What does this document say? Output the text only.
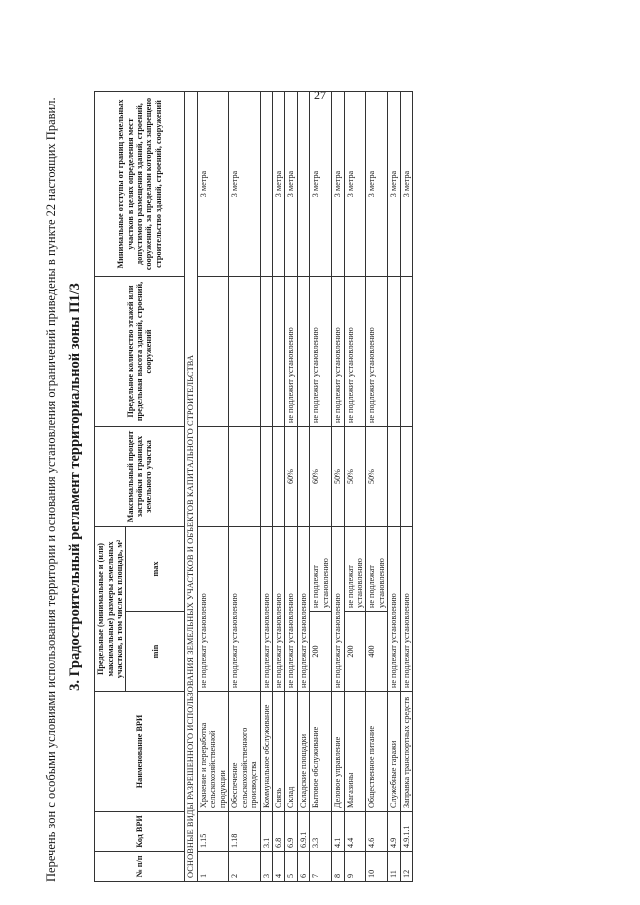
27

Перечень зон с особыми условиями использования территории и основания установления ограничений приведены в пункте 22 настоящих Правил. 3. Градостроительный регламент территориальной зоны П1/3
№ п/п	Код ВРИ	Наименование ВРИ	Предельные (минимальные и (или) максимальные) размеры земельных участков, в том числе их площадь, м²		Максимальный процент застройки в границах земельного участка	Предельное количество этажей или предельная высота зданий, строений, сооружений	Минимальные отступы от границ земельных участков в целях определения мест допустимого размещения зданий, строений, сооружений, за пределами которых запрещено строительство зданий, строений, сооружений
			min	max			
ОСНОВНЫЕ ВИДЫ РАЗРЕШЕННОГО ИСПОЛЬЗОВАНИЯ ЗЕМЕЛЬНЫХ УЧАСТКОВ И ОБЪЕКТОВ КАПИТАЛЬНОГО СТРОИТЕЛЬСТВА							
1	1.15	Хранение и переработка сельскохозяйственной продукции	не подлежат установлению				3 метра
2	1.18	Обеспечение сельскохозяйственного производства	не подлежат установлению				3 метра
3	3.1	Коммунальное обслуживание	не подлежат установлению				
4	6.8	Связь	не подлежат установлению				3 метра
5	6.9	Склад	не подлежат установлению		60%	не подлежит установлению	3 метра
6	6.9.1	Складские площадки	не подлежат установлению				
7	3.3	Бытовое обслуживание	200	не подлежат установлению	60%	не подлежит установлению	3 метра
8	4.1	Деловое управление	не подлежат установлению		50%	не подлежит установлению	3 метра
9	4.4	Магазины	200	не подлежат установлению	50%	не подлежит установлению	3 метра
10	4.6	Общественное питание	400	не подлежат установлению	50%	не подлежит установлению	3 метра
11	4.9	Служебные гаражи	не подлежат установлению				3 метра
12	4.9.1.1	Заправка транспортных средств	не подлежат установлению				3 метра
